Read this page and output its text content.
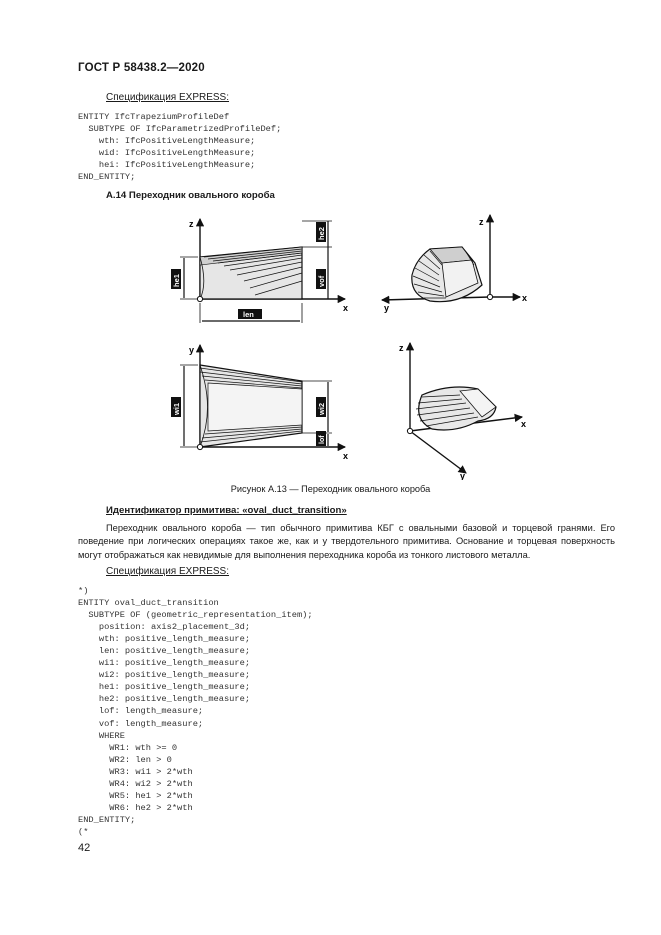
ГОСТ Р 58438.2—2020
Спецификация EXPRESS:
ENTITY IfcTrapeziumProfileDef
SUBTYPE OF IfcParametrizedProfileDef;
wth: IfcPositiveLengthMeasure;
wid: IfcPositiveLengthMeasure;
hei: IfcPositiveLengthMeasure;
END_ENTITY;
А.14 Переходник овального короба
z
x
he1
he2
vof
len
z
x
y
y
x
wi1	wi2
lof
z
x
y
Рисунок А.13 — Переходник овального короба
Идентификатор примитива: «oval_duct_transition»
Переходник овального короба — тип обычного примитива КБГ с овальными базовой и торцевой гранями. Его поведение при логических операциях такое же, как и у твердотельного примитива. Основание и торцевая поверхность могут отображаться как невидимые для выполнения переходника короба из тонкого листового металла.
Спецификация EXPRESS:
*)
ENTITY oval_duct_transition
SUBTYPE OF (geometric_representation_item);
position: axis2_placement_3d;
wth: positive_length_measure;
len: positive_length_measure;
wi1: positive_length_measure;
wi2: positive_length_measure;
he1: positive_length_measure;
he2: positive_length_measure;
lof: length_measure;
vof: length_measure;
WHERE
WR1: wth >= 0
WR2: len > 0
WR3: wi1 > 2*wth
WR4: wi2 > 2*wth
WR5: he1 > 2*wth
WR6: he2 > 2*wth
END_ENTITY;
(*
42
